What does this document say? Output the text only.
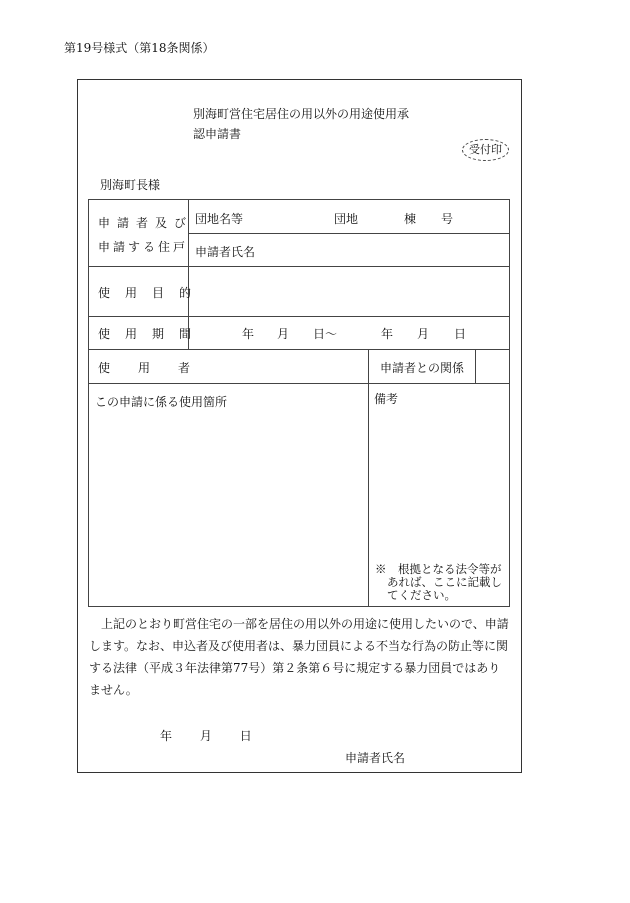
第19号様式（第18条関係）
別海町営住宅居住の用以外の用途使用承
認申請書
受付印
別海町長様
申請者及び
申請する住戸
団地名等	団地	棟 号
申請者氏名
使用目的
使用期間	年 月 日〜	年 月 日
使用者	申請者との関係
この申請に係る使用箇所	備考
※　根拠となる法令等が
あれば、ここに記載し
てください。
上記のとおり町営住宅の一部を居住の用以外の用途に使用したいので、申請します。なお、申込者及び使用者は、暴力団員による不当な行為の防止等に関する法律（平成３年法律第77号）第２条第６号に規定する暴力団員ではありません。
年 月 日
申請者氏名
